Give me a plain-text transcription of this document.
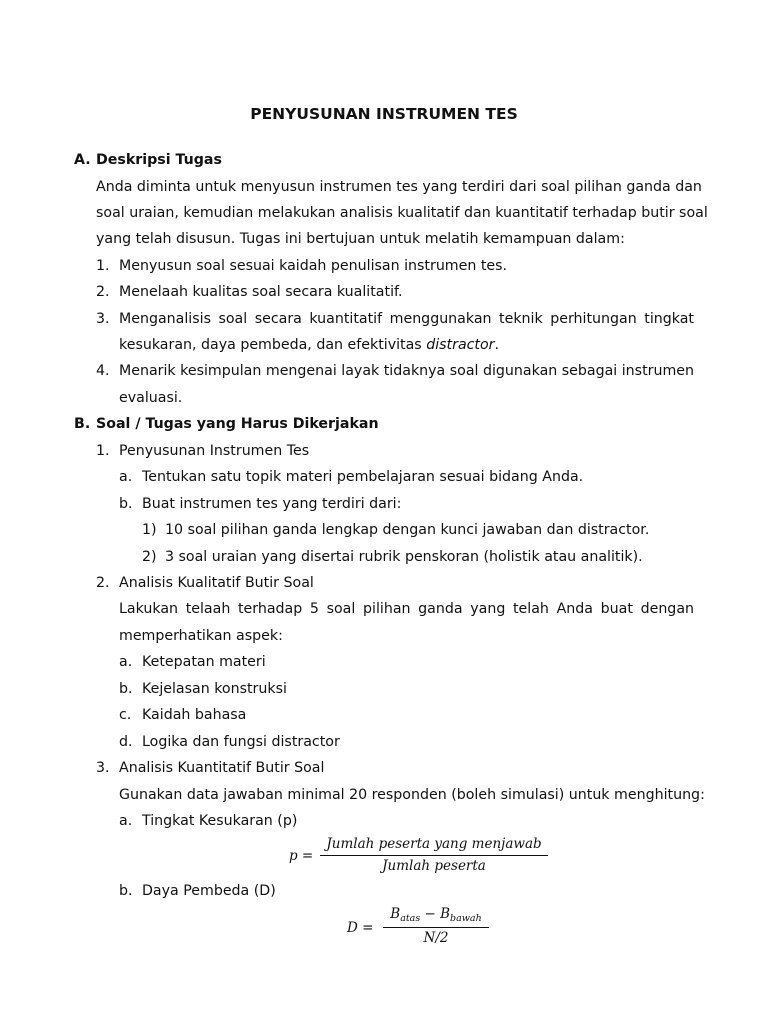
PENYUSUNAN INSTRUMEN TES
A. Deskripsi Tugas
Anda diminta untuk menyusun instrumen tes yang terdiri dari soal pilihan ganda dan
soal uraian, kemudian melakukan analisis kualitatif dan kuantitatif terhadap butir soal
yang telah disusun. Tugas ini bertujuan untuk melatih kemampuan dalam:
1. Menyusun soal sesuai kaidah penulisan instrumen tes.
2. Menelaah kualitas soal secara kualitatif.
3. Menganalisis soal secara kuantitatif menggunakan teknik perhitungan tingkat
kesukaran, daya pembeda, dan efektivitas distractor.
4. Menarik kesimpulan mengenai layak tidaknya soal digunakan sebagai instrumen
evaluasi.
B. Soal / Tugas yang Harus Dikerjakan
1. Penyusunan Instrumen Tes
a. Tentukan satu topik materi pembelajaran sesuai bidang Anda.
b. Buat instrumen tes yang terdiri dari:
1) 10 soal pilihan ganda lengkap dengan kunci jawaban dan distractor.
2) 3 soal uraian yang disertai rubrik penskoran (holistik atau analitik).
2. Analisis Kualitatif Butir Soal
Lakukan telaah terhadap 5 soal pilihan ganda yang telah Anda buat dengan
memperhatikan aspek:
a. Ketepatan materi
b. Kejelasan konstruksi
c. Kaidah bahasa
d. Logika dan fungsi distractor
3. Analisis Kuantitatif Butir Soal
Gunakan data jawaban minimal 20 responden (boleh simulasi) untuk menghitung:
a. Tingkat Kesukaran (p)
p =
Jumlah peserta yang menjawab
Jumlah peserta
b. Daya Pembeda (D)
D =
$B_{atas} - B_{bawah}$
N/2
